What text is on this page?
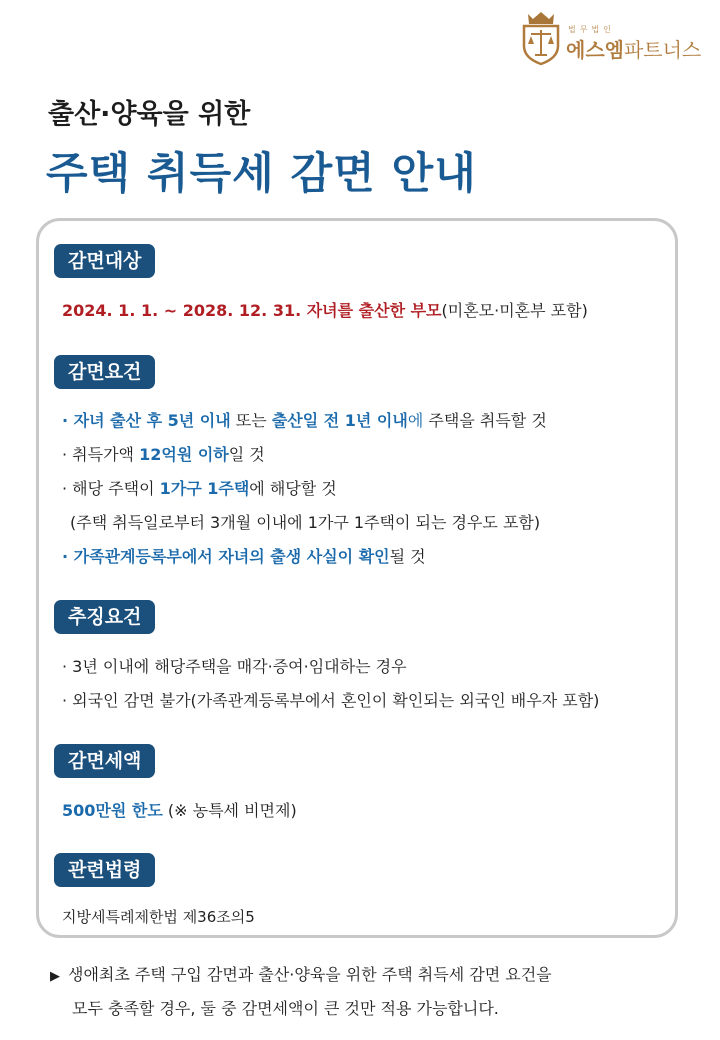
법무법인
에스엠파트너스
출산·양육을 위한
주택 취득세 감면 안내
감면대상
2024. 1. 1. ~ 2028. 12. 31. 자녀를 출산한 부모(미혼모·미혼부 포함)
감면요건
· 자녀 출산 후 5년 이내 또는 출산일 전 1년 이내에 주택을 취득할 것
· 취득가액 12억원 이하일 것
· 해당 주택이 1가구 1주택에 해당할 것
(주택 취득일로부터 3개월 이내에 1가구 1주택이 되는 경우도 포함)
· 가족관계등록부에서 자녀의 출생 사실이 확인될 것
추징요건
· 3년 이내에 해당주택을 매각·증여·임대하는 경우
· 외국인 감면 불가(가족관계등록부에서 혼인이 확인되는 외국인 배우자 포함)
감면세액
500만원 한도 (※ 농특세 비면제)
관련법령
지방세특례제한법 제36조의5
▶ 생애최초 주택 구입 감면과 출산·양육을 위한 주택 취득세 감면 요건을
모두 충족할 경우, 둘 중 감면세액이 큰 것만 적용 가능합니다.
